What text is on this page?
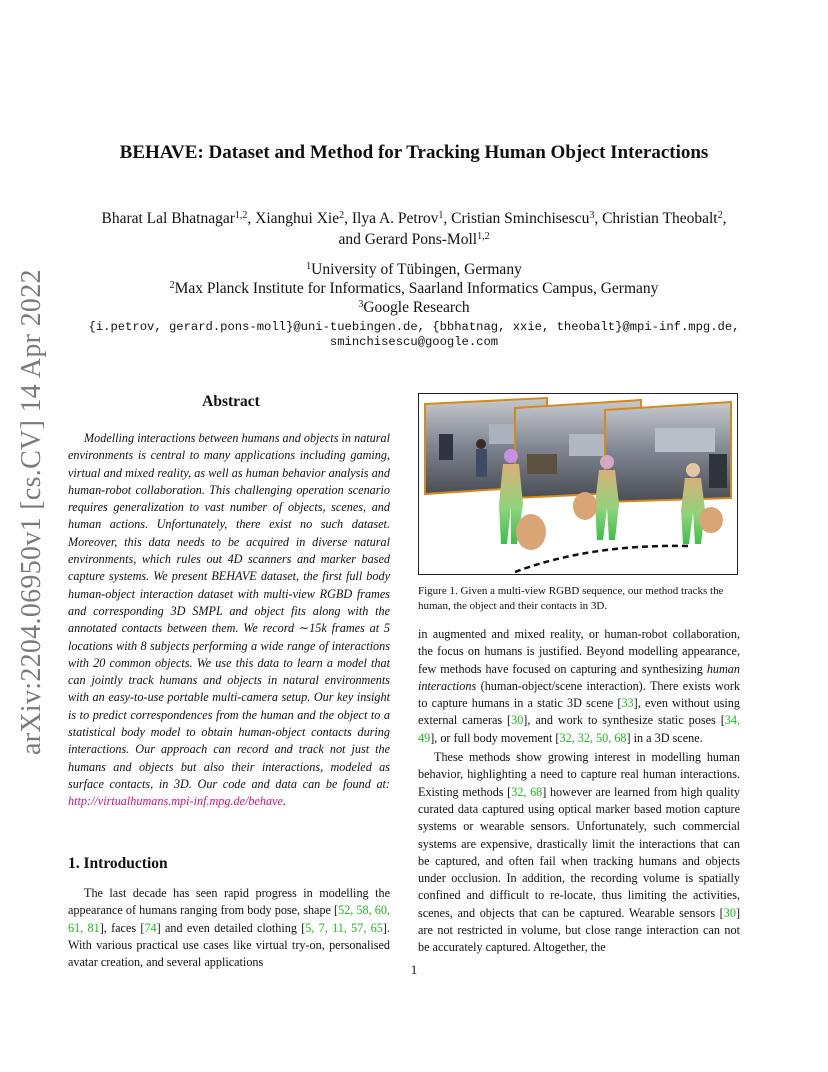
arXiv:2204.06950v1 [cs.CV] 14 Apr 2022
BEHAVE: Dataset and Method for Tracking Human Object Interactions
Bharat Lal Bhatnagar$^{1,2}$, Xianghui Xie$^2$, Ilya A. Petrov$^1$, Cristian Sminchisescu$^3$, Christian Theobalt$^2$,
and Gerard Pons-Moll$^{1,2}$
$^1$University of Tübingen, Germany
$^2$Max Planck Institute for Informatics, Saarland Informatics Campus, Germany
$^3$Google Research
{i.petrov, gerard.pons-moll}@uni-tuebingen.de, {bbhatnag, xxie, theobalt}@mpi-inf.mpg.de,
sminchisescu@google.com
Abstract
Modelling interactions between humans and objects in natural environments is central to many applications including gaming, virtual and mixed reality, as well as human behavior analysis and human-robot collaboration. This challenging operation scenario requires generalization to vast number of objects, scenes, and human actions. Unfortunately, there exist no such dataset. Moreover, this data needs to be acquired in diverse natural environments, which rules out 4D scanners and marker based capture systems. We present BEHAVE dataset, the first full body human-object interaction dataset with multi-view RGBD frames and corresponding 3D SMPL and object fits along with the annotated contacts between them. We record ∼15k frames at 5 locations with 8 subjects performing a wide range of interactions with 20 common objects. We use this data to learn a model that can jointly track humans and objects in natural environments with an easy-to-use portable multi-camera setup. Our key insight is to predict correspondences from the human and the object to a statistical body model to obtain human-object contacts during interactions. Our approach can record and track not just the humans and objects but also their interactions, modeled as surface contacts, in 3D. Our code and data can be found at: http://virtualhumans.mpi-inf.mpg.de/behave.
1. Introduction
The last decade has seen rapid progress in modelling the appearance of humans ranging from body pose, shape [52, 58, 60, 61, 81], faces [74] and even detailed clothing [5, 7, 11, 57, 65]. With various practical use cases like virtual try-on, personalised avatar creation, and several applications
Figure 1. Given a multi-view RGBD sequence, our method tracks the human, the object and their contacts in 3D.
in augmented and mixed reality, or human-robot collaboration, the focus on humans is justified. Beyond modelling appearance, few methods have focused on capturing and synthesizing human interactions (human-object/scene interaction). There exists work to capture humans in a static 3D scene [33], even without using external cameras [30], and work to synthesize static poses [34, 49], or full body movement [32, 32, 50, 68] in a 3D scene.
These methods show growing interest in modelling human behavior, highlighting a need to capture real human interactions. Existing methods [32, 68] however are learned from high quality curated data captured using optical marker based motion capture systems or wearable sensors. Unfortunately, such commercial systems are expensive, drastically limit the interactions that can be captured, and often fail when tracking humans and objects under occlusion. In addition, the recording volume is spatially confined and difficult to re-locate, thus limiting the activities, scenes, and objects that can be captured. Wearable sensors [30] are not restricted in volume, but close range interaction can not be accurately captured. Altogether, the
1
